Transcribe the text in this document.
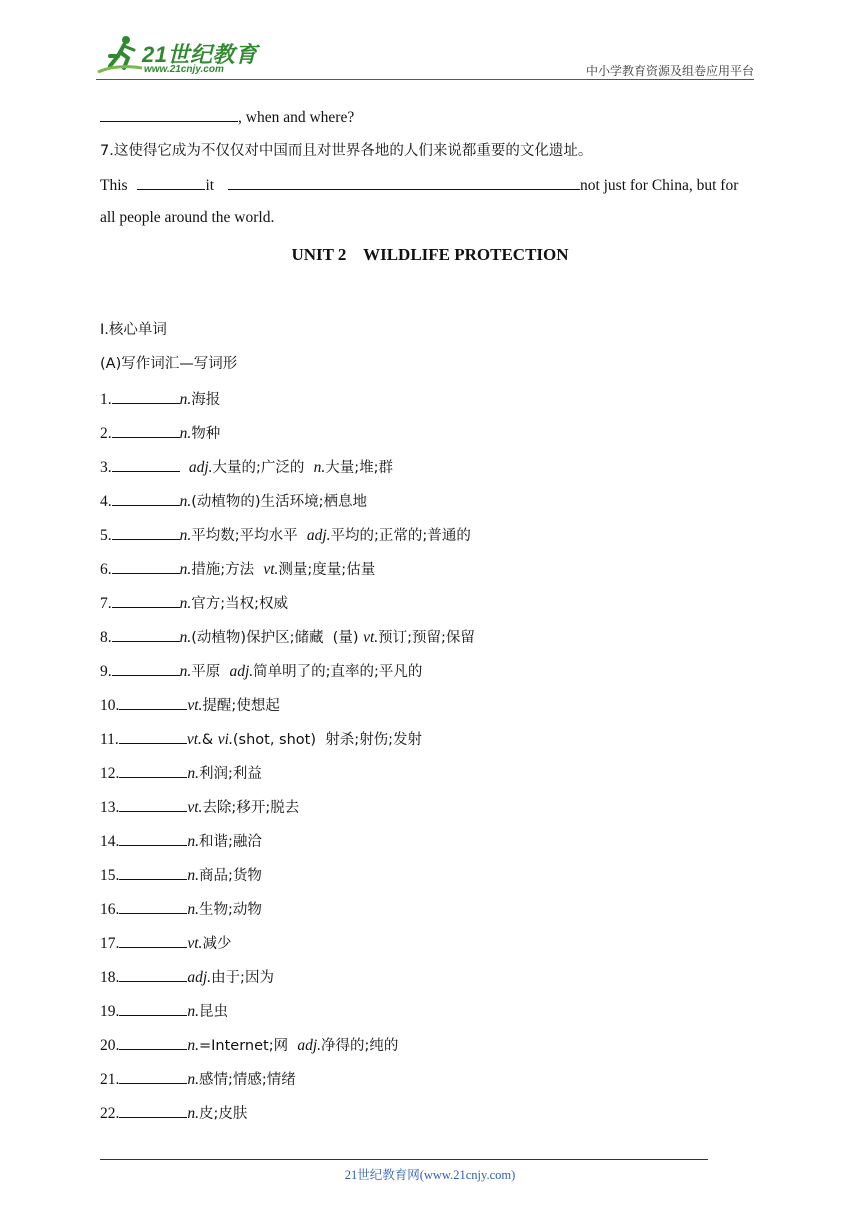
21世纪教育
www.21cnjy.com	中小学教育资源及组卷应用平台
, when and where?
7.这使得它成为不仅仅对中国而且对世界各地的人们来说都重要的文化遗址。
This	it	not just for China, but for
all people around the world.
UNIT 2    WILDLIFE PROTECTION
I.核心单词
(A)写作词汇—写词形
1.	n.海报
2.	n.物种
3.	adj.大量的;广泛的  n.大量;堆;群
4.	n.(动植物的)生活环境;栖息地
5.	n.平均数;平均水平  adj.平均的;正常的;普通的
6.	n.措施;方法  vt.测量;度量;估量
7.	n.官方;当权;权威
8.	n.(动植物)保护区;储藏  (量) vt.预订;预留;保留
9.	n.平原  adj.简单明了的;直率的;平凡的
10.	vt.提醒;使想起
11.	vt.& vi.(shot, shot)  射杀;射伤;发射
12.	n.利润;利益
13.	vt.去除;移开;脱去
14.	n.和谐;融洽
15.	n.商品;货物
16.	n.生物;动物
17.	vt.减少
18.	adj.由于;因为
19.	n.昆虫
20.	n.=Internet;网  adj.净得的;纯的
21.	n.感情;情感;情绪
22.	n.皮;皮肤
21世纪教育网(www.21cnjy.com)
